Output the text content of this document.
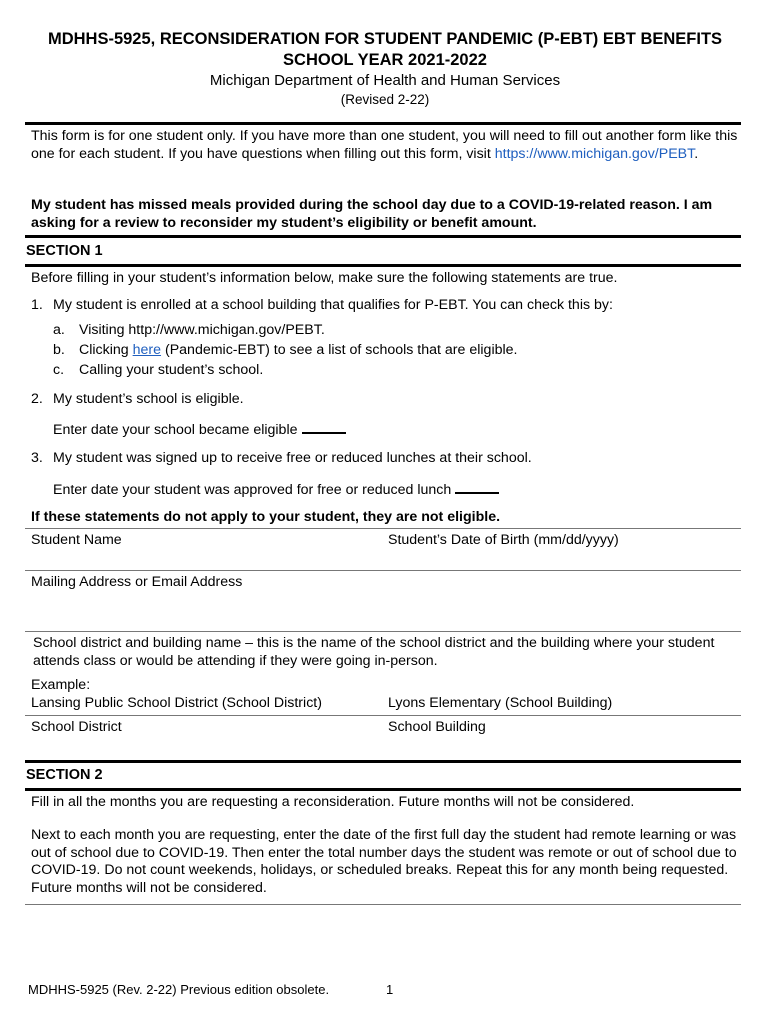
MDHHS-5925, RECONSIDERATION FOR STUDENT PANDEMIC (P-EBT) EBT BENEFITS
SCHOOL YEAR 2021-2022
Michigan Department of Health and Human Services
(Revised 2-22)
This form is for one student only. If you have more than one student, you will need to fill out another form like this one for each student. If you have questions when filling out this form, visit https://www.michigan.gov/PEBT.
My student has missed meals provided during the school day due to a COVID-19-related reason. I am asking for a review to reconsider my student’s eligibility or benefit amount.
SECTION 1
Before filling in your student’s information below, make sure the following statements are true.
1. My student is enrolled at a school building that qualifies for P-EBT. You can check this by:
a. Visiting http://www.michigan.gov/PEBT.
b. Clicking here (Pandemic-EBT) to see a list of schools that are eligible.
c. Calling your student’s school.
2. My student’s school is eligible.
Enter date your school became eligible
3. My student was signed up to receive free or reduced lunches at their school.
Enter date your student was approved for free or reduced lunch
If these statements do not apply to your student, they are not eligible.
Student Name	Student’s Date of Birth (mm/dd/yyyy)
Mailing Address or Email Address
School district and building name – this is the name of the school district and the building where your student attends class or would be attending if they were going in-person.
Example:
Lansing Public School District (School District)	Lyons Elementary (School Building)
School District	School Building
SECTION 2
Fill in all the months you are requesting a reconsideration. Future months will not be considered.
Next to each month you are requesting, enter the date of the first full day the student had remote learning or was out of school due to COVID-19. Then enter the total number days the student was remote or out of school due to COVID-19. Do not count weekends, holidays, or scheduled breaks. Repeat this for any month being requested. Future months will not be considered.
MDHHS-5925 (Rev. 2-22) Previous edition obsolete.	1
